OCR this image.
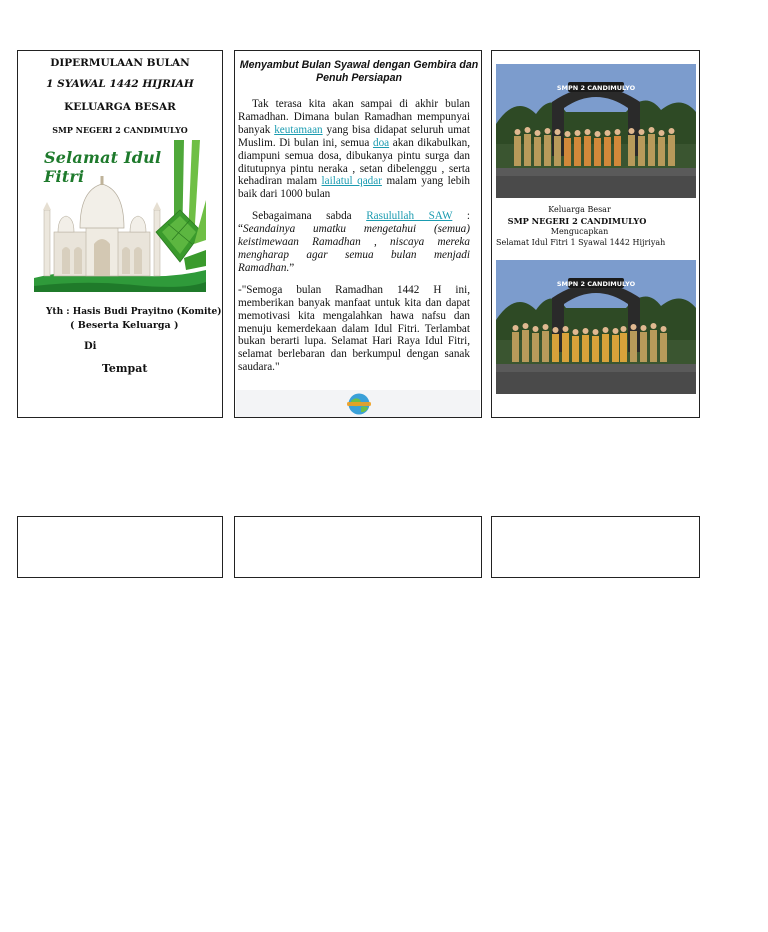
DIPERMULAAN BULAN
1 SYAWAL 1442 HIJRIAH
KELUARGA BESAR
SMP NEGERI 2 CANDIMULYO
Selamat Idul Fitri
Yth : Hasis Budi Prayitno (Komite)
( Beserta Keluarga )
Di
Tempat
Menyambut Bulan Syawal dengan Gembira dan Penuh Persiapan

Tak terasa kita akan sampai di akhir bulan Ramadhan. Dimana bulan Ramadhan mempunyai banyak keutamaan yang bisa didapat seluruh umat Muslim. Di bulan ini, semua doa akan dikabulkan, diampuni semua dosa, dibukanya pintu surga dan ditutupnya pintu neraka , setan dibelenggu , serta kehadiran malam lailatul qadar malam yang lebih baik dari 1000 bulan

Sebagaimana sabda Rasulullah SAW : “Seandainya umatku mengetahui (semua) keistimewaan Ramadhan , niscaya mereka mengharap agar semua bulan menjadi Ramadhan.”

-"Semoga bulan Ramadhan 1442 H ini, memberikan banyak manfaat untuk kita dan dapat memotivasi kita mengalahkan hawa nafsu dan menuju kemerdekaan dalam Idul Fitri. Terlambat bukan berarti lupa. Selamat Hari Raya Idul Fitri, selamat berlebaran dan berkumpul dengan sanak saudara."

SMPN 2 CANDIMULYO
Keluarga Besar
SMP NEGERI 2 CANDIMULYO
Mengucapkan
Selamat Idul Fitri 1 Syawal 1442 Hijriyah
SMPN 2 CANDIMULYO
